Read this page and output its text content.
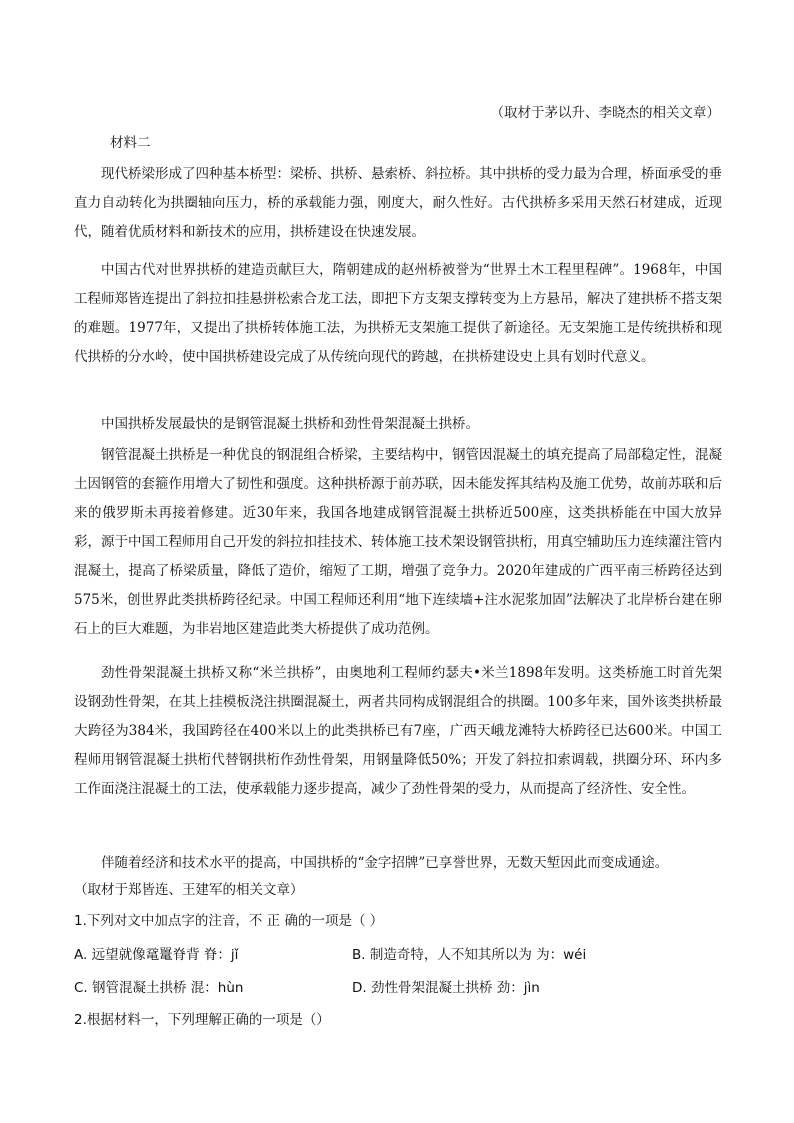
（取材于茅以升、李晓杰的相关文章）
材料二
现代桥梁形成了四种基本桥型：梁桥、拱桥、悬索桥、斜拉桥。其中拱桥的受力最为合理，桥面承受的垂直力自动转化为拱圈轴向压力，桥的承载能力强，刚度大，耐久性好。古代拱桥多采用天然石材建成，近现代，随着优质材料和新技术的应用，拱桥建设在快速发展。
中国古代对世界拱桥的建造贡献巨大，隋朝建成的赵州桥被誉为“世界土木工程里程碑”。1968年，中国工程师郑皆连提出了斜拉扣挂悬拼松索合龙工法，即把下方支架支撑转变为上方悬吊，解决了建拱桥不搭支架的难题。1977年，又提出了拱桥转体施工法，为拱桥无支架施工提供了新途径。无支架施工是传统拱桥和现代拱桥的分水岭，使中国拱桥建设完成了从传统向现代的跨越，在拱桥建设史上具有划时代意义。
中国拱桥发展最快的是钢管混凝土拱桥和劲性骨架混凝土拱桥。
钢管混凝土拱桥是一种优良的钢混组合桥梁，主要结构中，钢管因混凝土的填充提高了局部稳定性，混凝土因钢管的套箍作用增大了韧性和强度。这种拱桥源于前苏联，因未能发挥其结构及施工优势，故前苏联和后来的俄罗斯未再接着修建。近30年来，我国各地建成钢管混凝土拱桥近500座，这类拱桥能在中国大放异彩，源于中国工程师用自己开发的斜拉扣挂技术、转体施工技术架设钢管拱桁，用真空辅助压力连续灌注管内混凝土，提高了桥梁质量，降低了造价，缩短了工期，增强了竞争力。2020年建成的广西平南三桥跨径达到575米，创世界此类拱桥跨径纪录。中国工程师还利用“地下连续墙+注水泥浆加固”法解决了北岸桥台建在卵石上的巨大难题，为非岩地区建造此类大桥提供了成功范例。
劲性骨架混凝土拱桥又称“米兰拱桥”，由奥地利工程师约瑟夫•米兰1898年发明。这类桥施工时首先架设钢劲性骨架，在其上挂模板浇注拱圈混凝土，两者共同构成钢混组合的拱圈。100多年来，国外该类拱桥最大跨径为384米，我国跨径在400米以上的此类拱桥已有7座，广西天峨龙滩特大桥跨径已达600米。中国工程师用钢管混凝土拱桁代替钢拱桁作劲性骨架，用钢量降低50%；开发了斜拉扣索调载，拱圈分环、环内多工作面浇注混凝土的工法，使承载能力逐步提高，减少了劲性骨架的受力，从而提高了经济性、安全性。
伴随着经济和技术水平的提高，中国拱桥的“金字招牌”已享誉世界，无数天堑因此而变成通途。
（取材于郑皆连、王建军的相关文章）
1.下列对文中加点字的注音，不 正 确的一项是（ ）
A. 远望就像鼋鼍脊背 脊：jǐ	B. 制造奇特，人不知其所以为 为：wéi
C. 钢管混凝土拱桥 混：hùn	D. 劲性骨架混凝土拱桥 劲：jìn
2.根据材料一，下列理解正确的一项是（）
